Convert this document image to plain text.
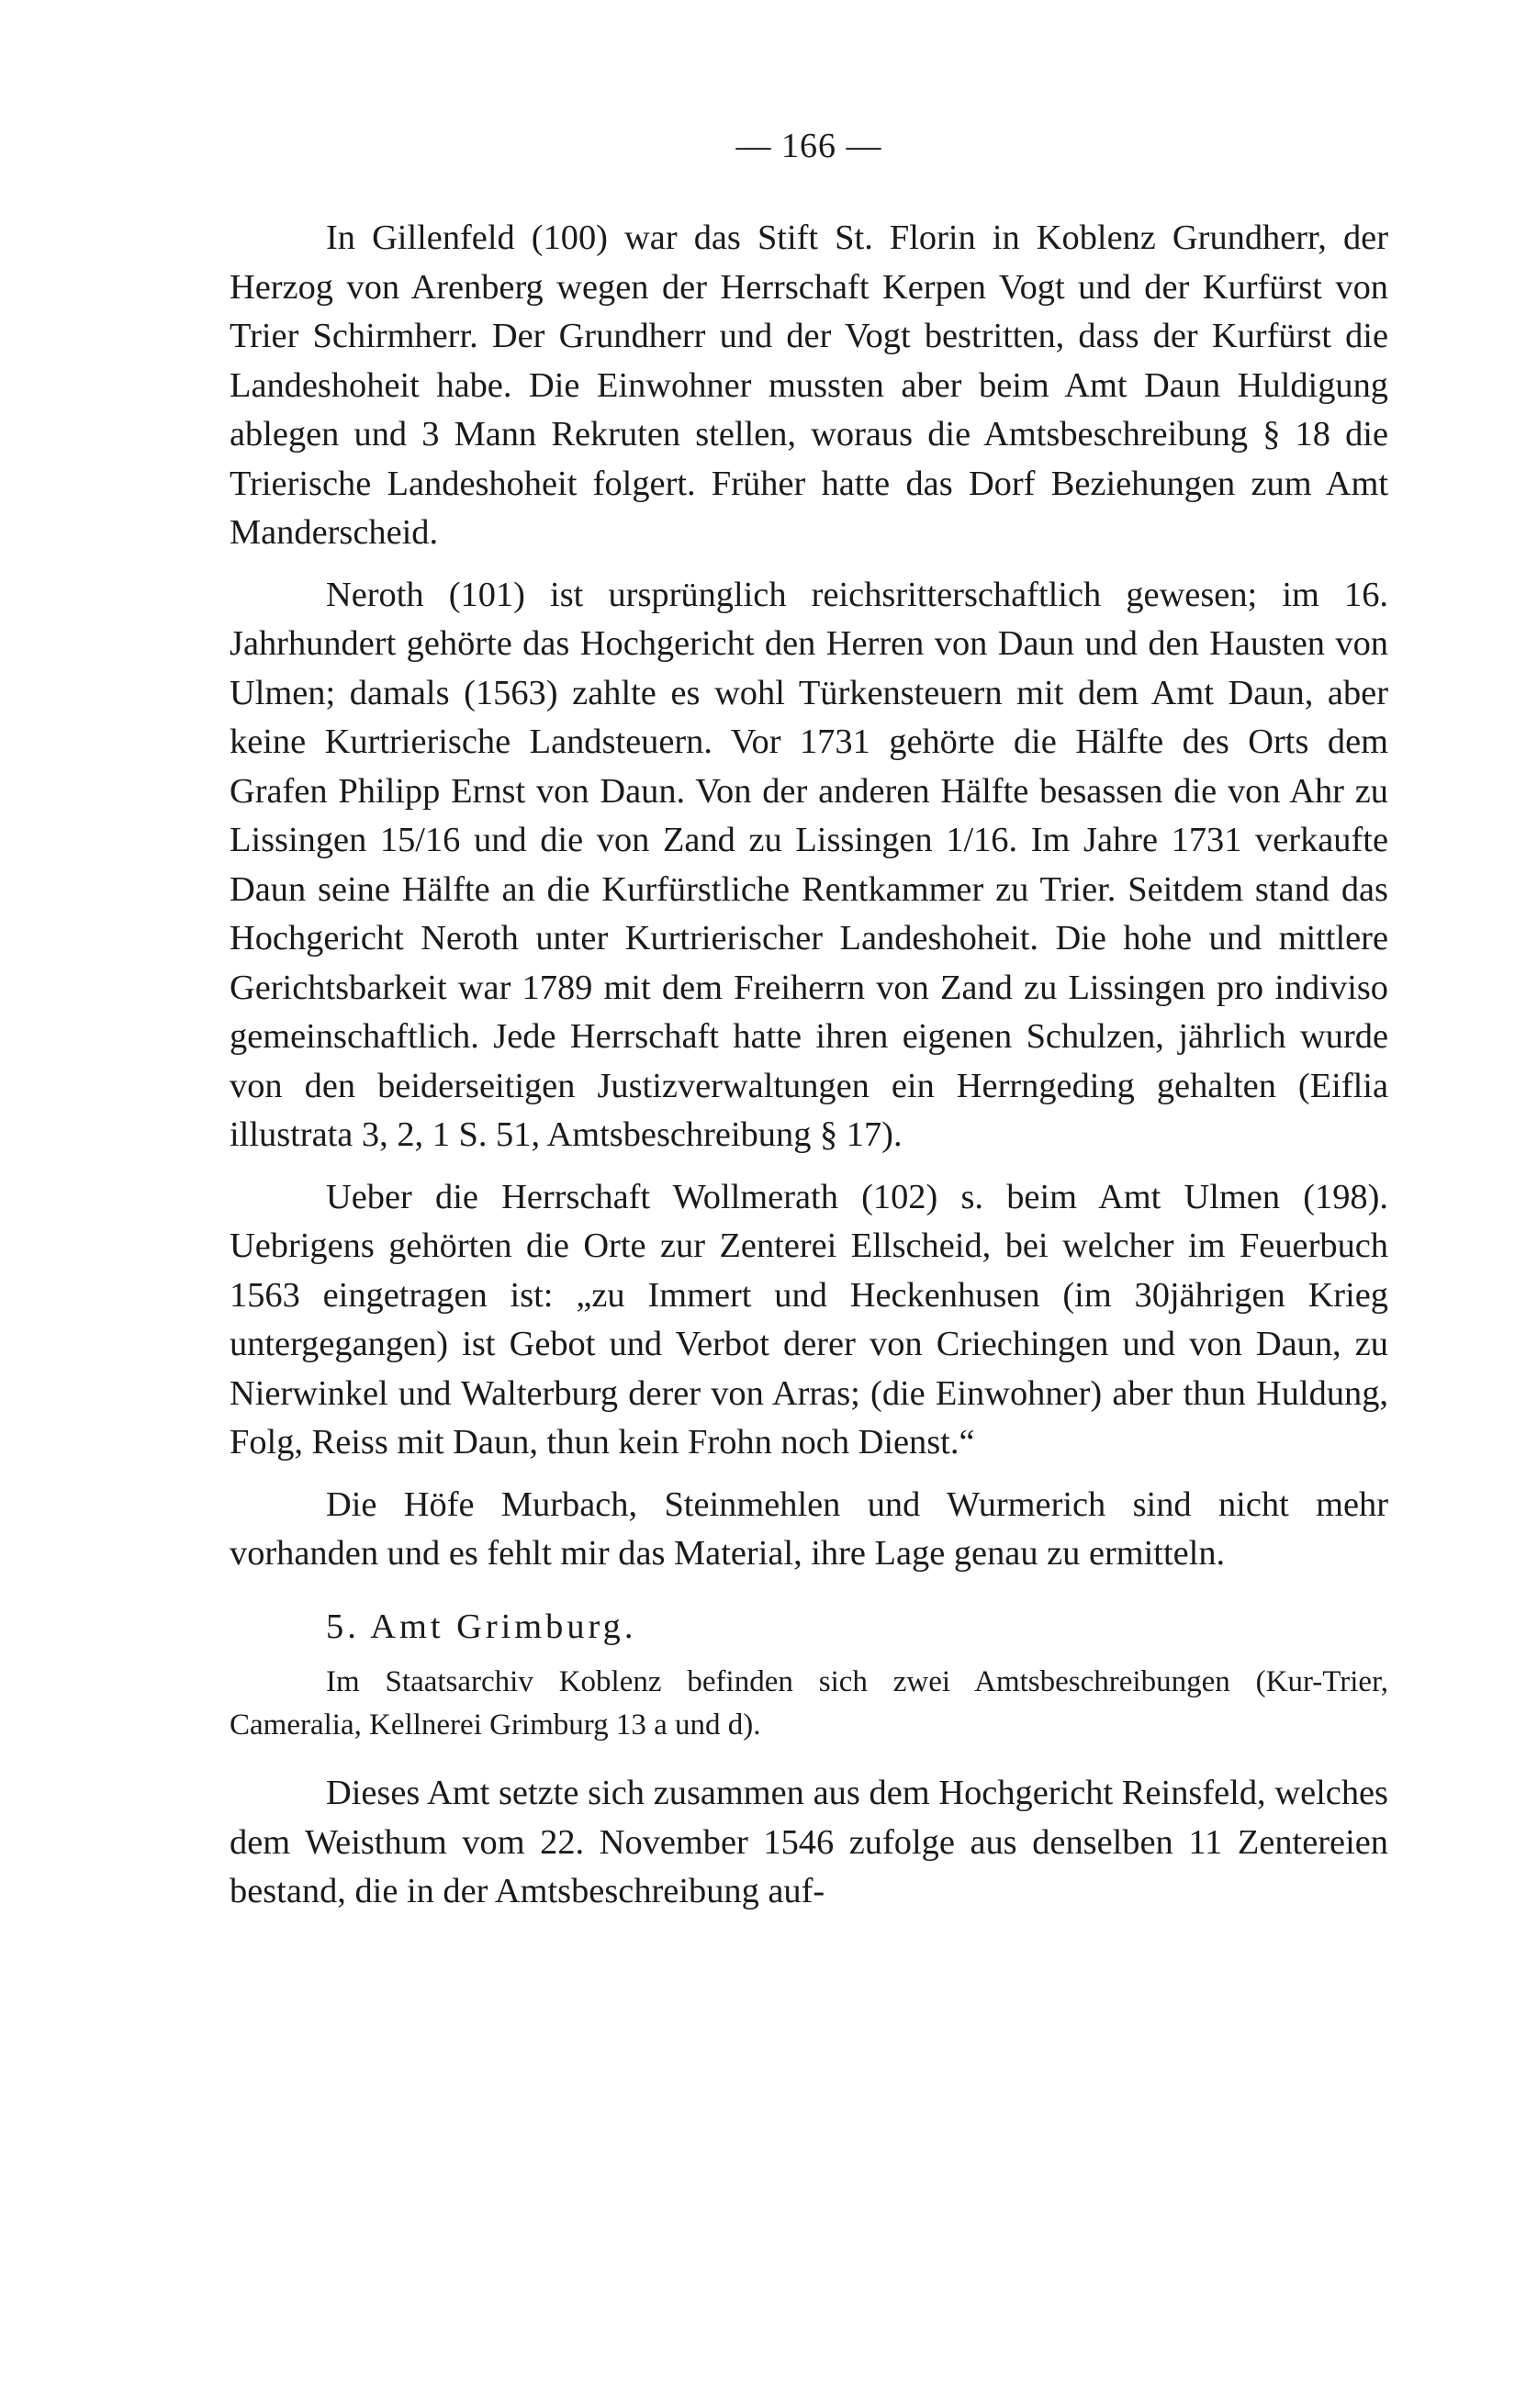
— 166 —

In Gillenfeld (100) war das Stift St. Florin in Koblenz Grundherr, der Herzog von Arenberg wegen der Herrschaft Kerpen Vogt und der Kurfürst von Trier Schirmherr. Der Grundherr und der Vogt bestritten, dass der Kurfürst die Landeshoheit habe. Die Einwohner mussten aber beim Amt Daun Huldigung ablegen und 3 Mann Rekruten stellen, woraus die Amtsbeschreibung § 18 die Trierische Landeshoheit folgert. Früher hatte das Dorf Beziehungen zum Amt Manderscheid.

Neroth (101) ist ursprünglich reichsritterschaftlich gewesen; im 16. Jahrhundert gehörte das Hochgericht den Herren von Daun und den Hausten von Ulmen; damals (1563) zahlte es wohl Türkensteuern mit dem Amt Daun, aber keine Kurtrierische Landsteuern. Vor 1731 gehörte die Hälfte des Orts dem Grafen Philipp Ernst von Daun. Von der anderen Hälfte besassen die von Ahr zu Lissingen 15/16 und die von Zand zu Lissingen 1/16. Im Jahre 1731 verkaufte Daun seine Hälfte an die Kurfürstliche Rentkammer zu Trier. Seitdem stand das Hochgericht Neroth unter Kurtrierischer Landeshoheit. Die hohe und mittlere Gerichtsbarkeit war 1789 mit dem Freiherrn von Zand zu Lissingen pro indiviso gemeinschaftlich. Jede Herrschaft hatte ihren eigenen Schulzen, jährlich wurde von den beiderseitigen Justizverwaltungen ein Herrngeding gehalten (Eiflia illustrata 3, 2, 1 S. 51, Amtsbeschreibung § 17).

Ueber die Herrschaft Wollmerath (102) s. beim Amt Ulmen (198). Uebrigens gehörten die Orte zur Zenterei Ellscheid, bei welcher im Feuerbuch 1563 eingetragen ist: „zu Immert und Heckenhusen (im 30jährigen Krieg untergegangen) ist Gebot und Verbot derer von Criechingen und von Daun, zu Nierwinkel und Walterburg derer von Arras; (die Einwohner) aber thun Huldung, Folg, Reiss mit Daun, thun kein Frohn noch Dienst.“

Die Höfe Murbach, Steinmehlen und Wurmerich sind nicht mehr vorhanden und es fehlt mir das Material, ihre Lage genau zu ermitteln.

5. Amt Grimburg.

Im Staatsarchiv Koblenz befinden sich zwei Amtsbeschreibungen (Kur-Trier, Cameralia, Kellnerei Grimburg 13 a und d).

Dieses Amt setzte sich zusammen aus dem Hochgericht Reinsfeld, welches dem Weisthum vom 22. November 1546 zufolge aus denselben 11 Zentereien bestand, die in der Amtsbeschreibung auf-
